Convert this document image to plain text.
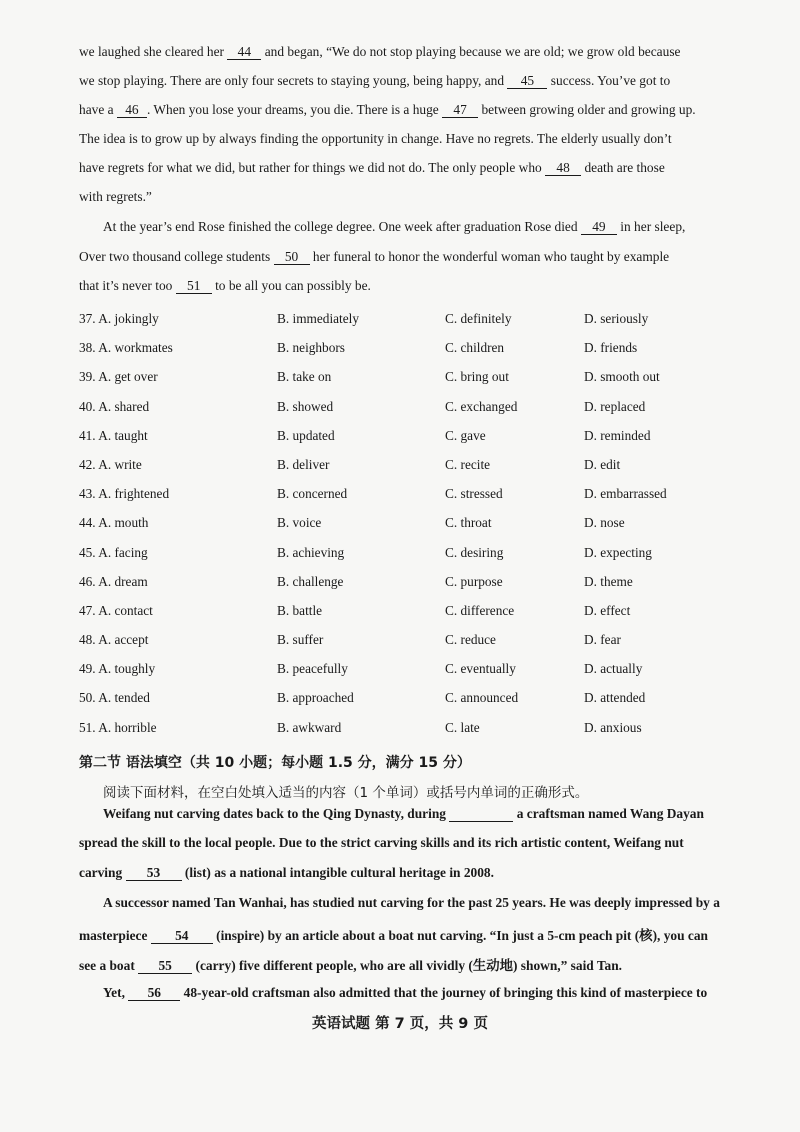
we laughed she cleared her 44 and began, “We do not stop playing because we are old; we grow old because
we stop playing. There are only four secrets to staying young, being happy, and 45 success. You’ve got to
have a 46 . When you lose your dreams, you die. There is a huge 47 between growing older and growing up.
The idea is to grow up by always finding the opportunity in change. Have no regrets. The elderly usually don’t
have regrets for what we did, but rather for things we did not do. The only people who 48 death are those
with regrets.”
At the year’s end Rose finished the college degree. One week after graduation Rose died 49 in her sleep,
Over two thousand college students 50 her funeral to honor the wonderful woman who taught by example
that it’s never too 51 to be all you can possibly be.
37. A. jokingly	B. immediately	C. definitely	D. seriously
38. A. workmates	B. neighbors	C. children	D. friends
39. A. get over	B. take on	C. bring out	D. smooth out
40. A. shared	B. showed	C. exchanged	D. replaced
41. A. taught	B. updated	C. gave	D. reminded
42. A. write	B. deliver	C. recite	D. edit
43. A. frightened	B. concerned	C. stressed	D. embarrassed
44. A. mouth	B. voice	C. throat	D. nose
45. A. facing	B. achieving	C. desiring	D. expecting
46. A. dream	B. challenge	C. purpose	D. theme
47. A. contact	B. battle	C. difference	D. effect
48. A. accept	B. suffer	C. reduce	D. fear
49. A. toughly	B. peacefully	C. eventually	D. actually
50. A. tended	B. approached	C. announced	D. attended
51. A. horrible	B. awkward	C. late	D. anxious
第二节 语法填空（共 10 小题；每小题 1.5 分，满分 15 分）
阅读下面材料，在空白处填入适当的内容（1 个单词）或括号内单词的正确形式。
Weifang nut carving dates back to the Qing Dynasty, during	a craftsman named Wang Dayan
spread the skill to the local people. Due to the strict carving skills and its rich artistic content, Weifang nut
carving 53 (list) as a national intangible cultural heritage in 2008.
A successor named Tan Wanhai, has studied nut carving for the past 25 years. He was deeply impressed by a
masterpiece 54 (inspire) by an article about a boat nut carving. “In just a 5-cm peach pit (核), you can
see a boat 55 (carry) five different people, who are all vividly (生动地) shown,” said Tan.
Yet, 56 48-year-old craftsman also admitted that the journey of bringing this kind of masterpiece to
英语试题 第 7 页，共 9 页
